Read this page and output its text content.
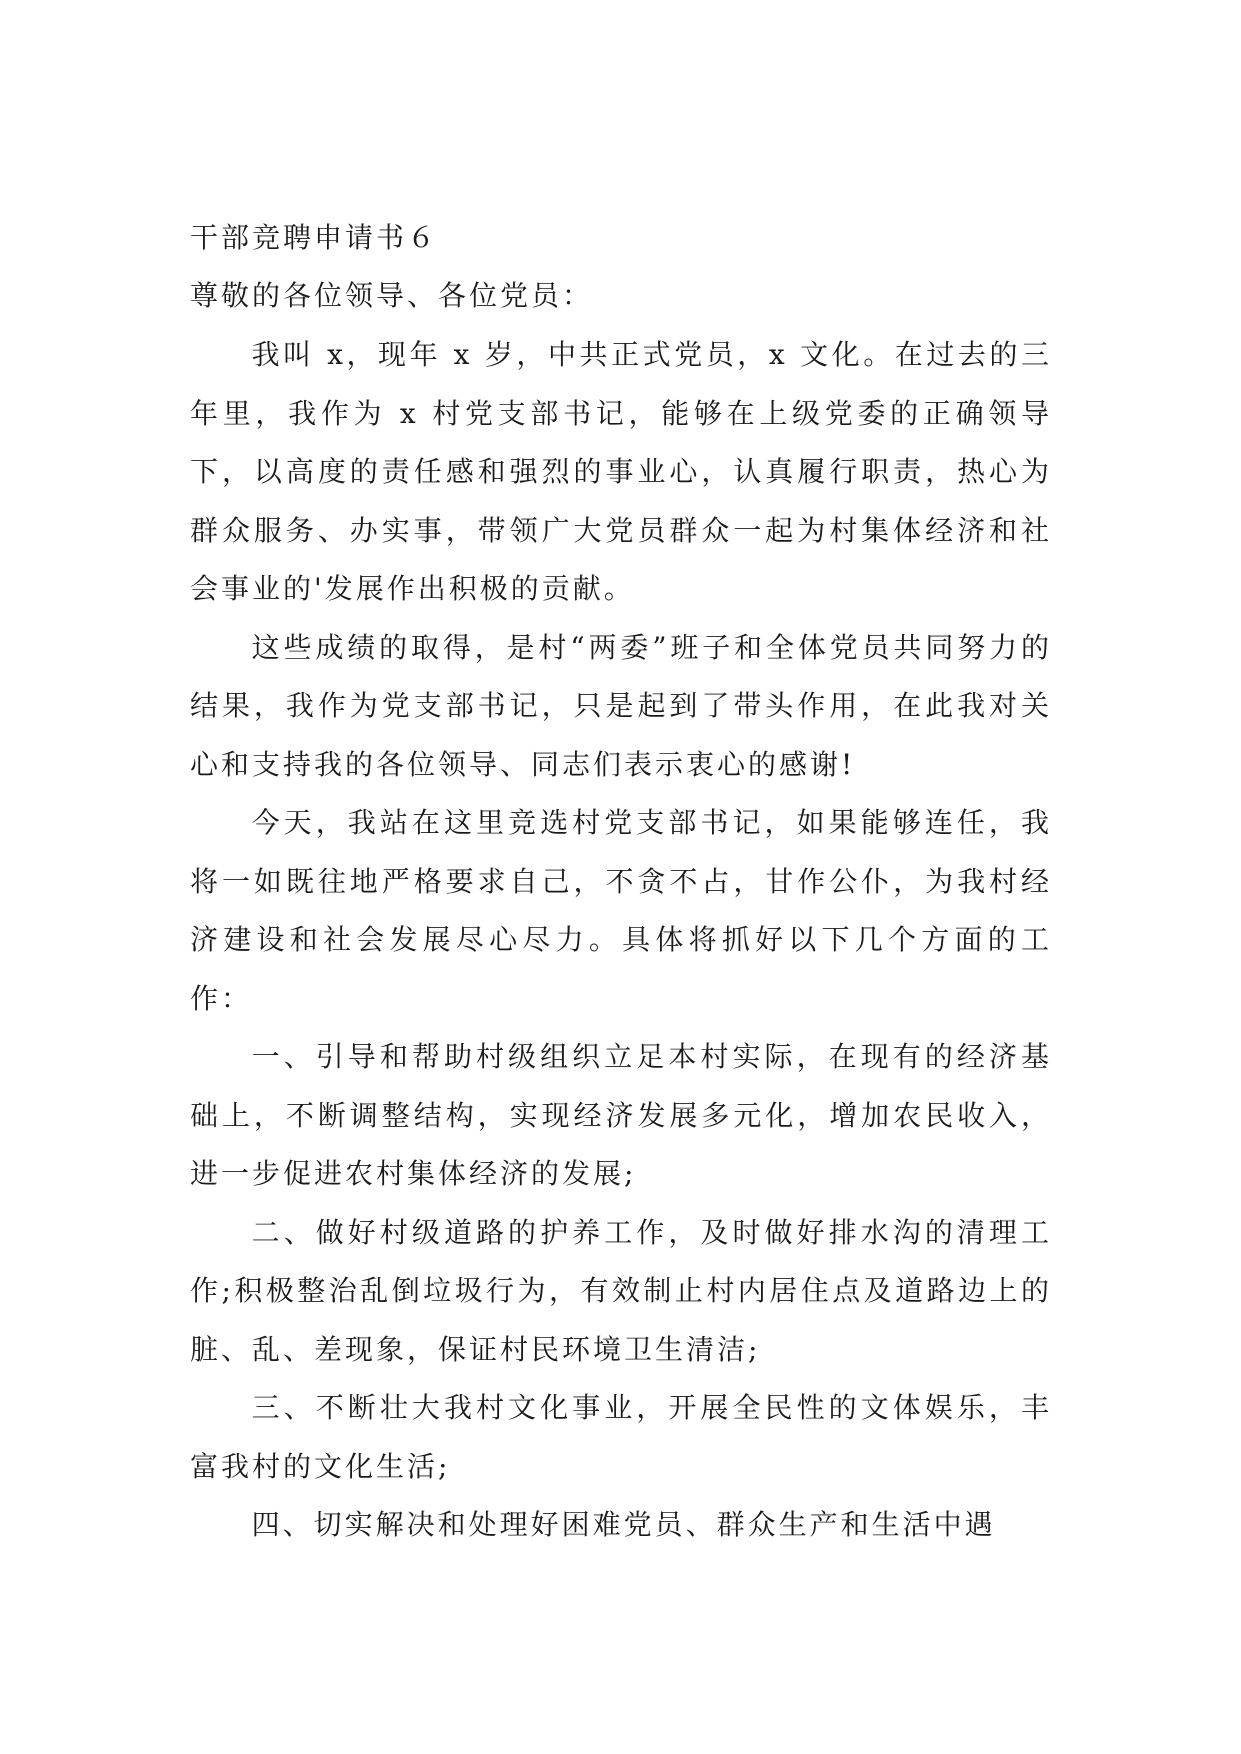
干部竞聘申请书６

尊敬的各位领导、各位党员：

我叫 x，现年 x 岁，中共正式党员，x 文化。在过去的三年里，我作为 x 村党支部书记，能够在上级党委的正确领导下，以高度的责任感和强烈的事业心，认真履行职责，热心为群众服务、办实事，带领广大党员群众一起为村集体经济和社会事业的'发展作出积极的贡献。

这些成绩的取得，是村“两委”班子和全体党员共同努力的结果，我作为党支部书记，只是起到了带头作用，在此我对关心和支持我的各位领导、同志们表示衷心的感谢!

今天，我站在这里竞选村党支部书记，如果能够连任，我将一如既往地严格要求自己，不贪不占，甘作公仆，为我村经济建设和社会发展尽心尽力。具体将抓好以下几个方面的工作：

一、引导和帮助村级组织立足本村实际，在现有的经济基础上，不断调整结构，实现经济发展多元化，增加农民收入，进一步促进农村集体经济的发展;

二、做好村级道路的护养工作，及时做好排水沟的清理工作;积极整治乱倒垃圾行为，有效制止村内居住点及道路边上的脏、乱、差现象，保证村民环境卫生清洁;

三、不断壮大我村文化事业，开展全民性的文体娱乐，丰富我村的文化生活;

四、切实解决和处理好困难党员、群众生产和生活中遇
